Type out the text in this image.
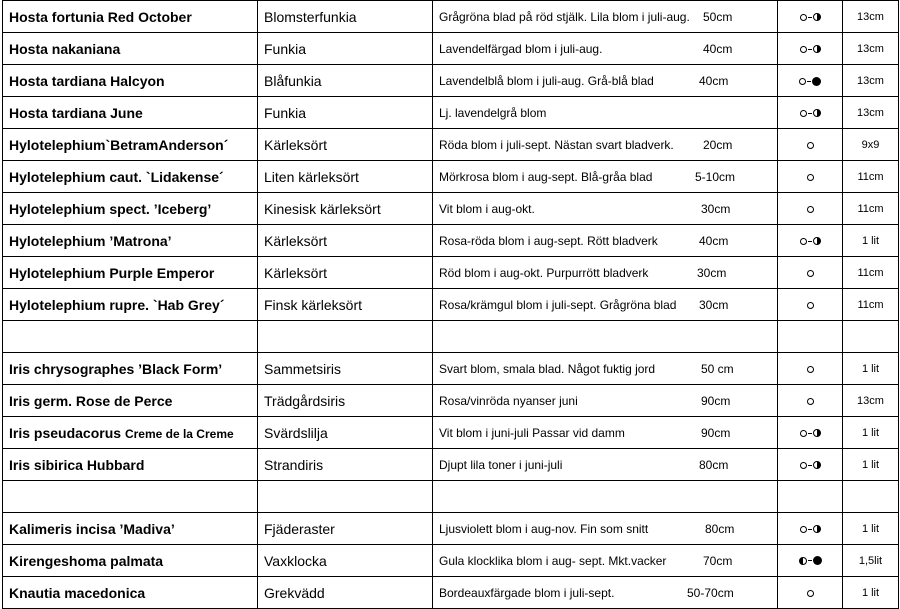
Hosta fortunia Red October	Blomsterfunkia	Grågröna blad på röd stjälk. Lila blom i juli-aug. 50cm		13cm
Hosta nakaniana	Funkia	Lavendelfärgad blom i juli-aug. 40cm		13cm
Hosta tardiana Halcyon	Blåfunkia	Lavendelblå blom i juli-aug. Grå-blå blad 40cm		13cm
Hosta tardiana June	Funkia	Lj. lavendelgrå blom		13cm
Hylotelephium`BetramAnderson´	Kärleksört	Röda blom i juli-sept. Nästan svart bladverk. 20cm		9x9
Hylotelephium caut. `Lidakense´	Liten kärleksört	Mörkrosa blom i aug-sept. Blå-gråa blad 5-10cm		11cm
Hylotelephium spect. ’Iceberg’	Kinesisk kärleksört	Vit blom i aug-okt. 30cm		11cm
Hylotelephium ’Matrona’	Kärleksört	Rosa-röda blom i aug-sept. Rött bladverk 40cm		1 lit
Hylotelephium Purple Emperor	Kärleksört	Röd blom i aug-okt. Purpurrött bladverk 30cm		11cm
Hylotelephium rupre. `Hab Grey´	Finsk kärleksört	Rosa/krämgul blom i juli-sept. Grågröna blad 30cm		11cm

Iris chrysographes ’Black Form’	Sammetsiris	Svart blom, smala blad. Något fuktig jord 50 cm		1 lit
Iris germ. Rose de Perce	Trädgårdsiris	Rosa/vinröda nyanser juni 90cm		13cm
Iris pseudacorus Creme de la Creme	Svärdslilja	Vit blom i juni-juli Passar vid damm 90cm		1 lit
Iris sibirica Hubbard	Strandiris	Djupt lila toner i juni-juli 80cm		1 lit

Kalimeris incisa ’Madiva’	Fjäderaster	Ljusviolett blom i aug-nov. Fin som snitt 80cm		1 lit
Kirengeshoma palmata	Vaxklocka	Gula klocklika blom i aug- sept. Mkt.vacker 70cm		1,5lit
Knautia macedonica	Grekvädd	Bordeauxfärgade blom i juli-sept. 50-70cm		1 lit
